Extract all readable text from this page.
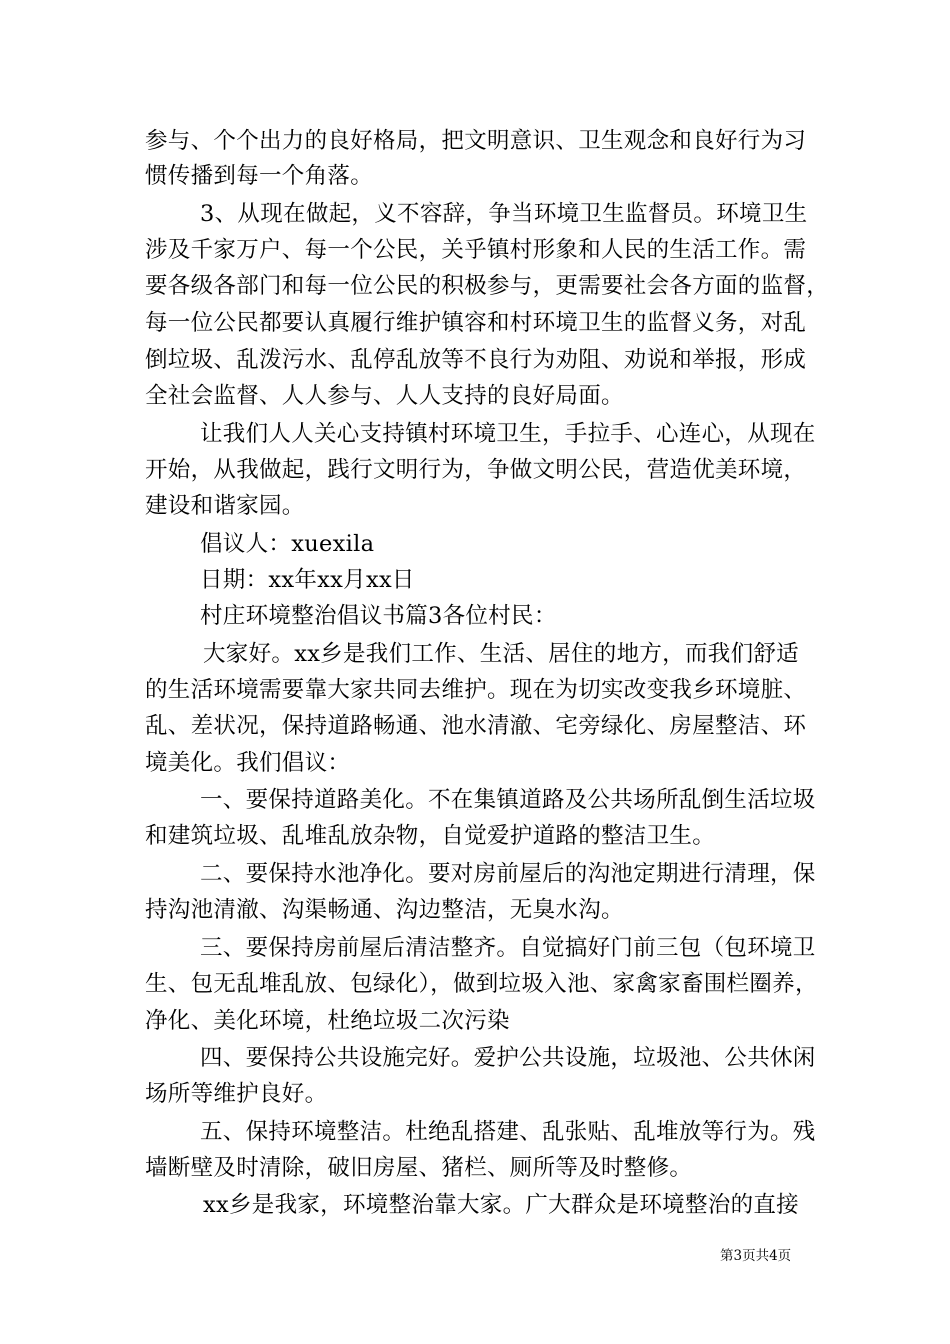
参与、个个出力的良好格局，把文明意识、卫生观念和良好行为习
惯传播到每一个角落。
3、从现在做起，义不容辞，争当环境卫生监督员。环境卫生
涉及千家万户、每一个公民，关乎镇村形象和人民的生活工作。需
要各级各部门和每一位公民的积极参与，更需要社会各方面的监督，
每一位公民都要认真履行维护镇容和村环境卫生的监督义务，对乱
倒垃圾、乱泼污水、乱停乱放等不良行为劝阻、劝说和举报，形成
全社会监督、人人参与、人人支持的良好局面。
让我们人人关心支持镇村环境卫生，手拉手、心连心，从现在
开始，从我做起，践行文明行为，争做文明公民，营造优美环境，
建设和谐家园。
倡议人：xuexila
日期：xx年xx月xx日
村庄环境整治倡议书篇3各位村民：
大家好。xx乡是我们工作、生活、居住的地方，而我们舒适
的生活环境需要靠大家共同去维护。现在为切实改变我乡环境脏、
乱、差状况，保持道路畅通、池水清澈、宅旁绿化、房屋整洁、环
境美化。我们倡议：
一、要保持道路美化。不在集镇道路及公共场所乱倒生活垃圾
和建筑垃圾、乱堆乱放杂物，自觉爱护道路的整洁卫生。
二、要保持水池净化。要对房前屋后的沟池定期进行清理，保
持沟池清澈、沟渠畅通、沟边整洁，无臭水沟。
三、要保持房前屋后清洁整齐。自觉搞好门前三包（包环境卫
生、包无乱堆乱放、包绿化），做到垃圾入池、家禽家畜围栏圈养，
净化、美化环境，杜绝垃圾二次污染
四、要保持公共设施完好。爱护公共设施，垃圾池、公共休闲
场所等维护良好。
五、保持环境整洁。杜绝乱搭建、乱张贴、乱堆放等行为。残
墙断壁及时清除，破旧房屋、猪栏、厕所等及时整修。
xx乡是我家，环境整治靠大家。广大群众是环境整治的直接
第3页共4页
